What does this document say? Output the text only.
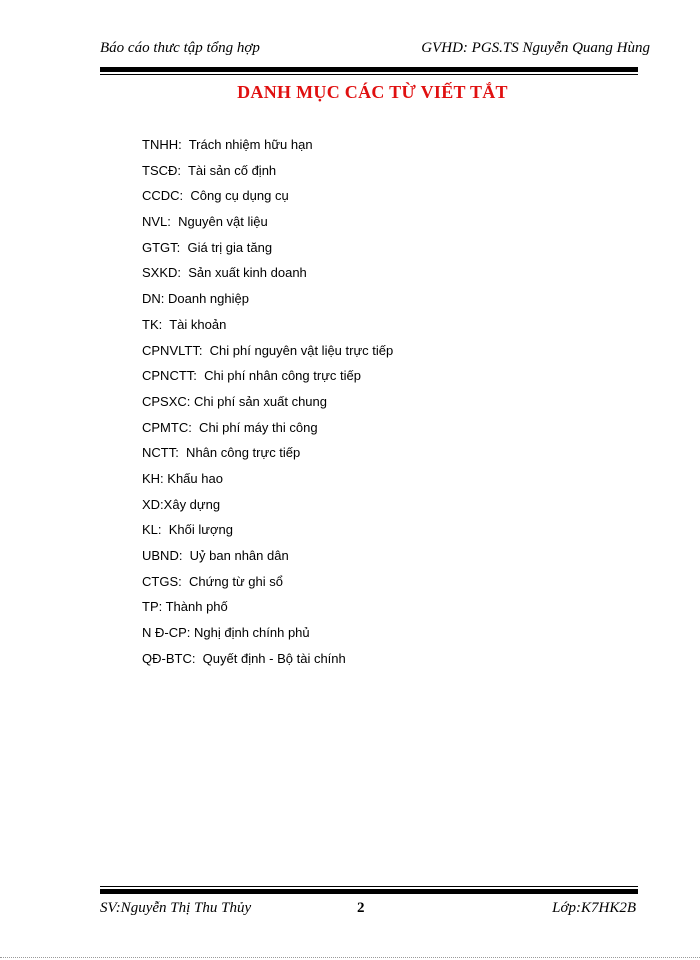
Báo cáo thưc tập tổng hợp	GVHD: PGS.TS Nguyễn Quang Hùng
DANH MỤC CÁC TỪ VIẾT TẮT
TNHH:  Trách nhiệm hữu hạn
TSCĐ:  Tài sản cố định
CCDC:  Công cụ dụng cụ
NVL:  Nguyên vật liệu
GTGT:  Giá trị gia tăng
SXKD:  Sản xuất kinh doanh
DN: Doanh nghiệp
TK:  Tài khoản
CPNVLTT:  Chi phí nguyên vật liệu trực tiếp
CPNCTT:  Chi phí nhân công trực tiếp
CPSXC: Chi phí sản xuất chung
CPMTC:  Chi phí máy thi công
NCTT:  Nhân công trực tiếp
KH: Khấu hao
XD:Xây dựng
KL:  Khối lượng
UBND:  Uỷ ban nhân dân
CTGS:  Chứng từ ghi sổ
TP: Thành phố
N Đ-CP: Nghị định chính phủ
QĐ-BTC:  Quyết định - Bộ tài chính
SV:Nguyễn Thị Thu Thủy	2	Lớp:K7HK2B
